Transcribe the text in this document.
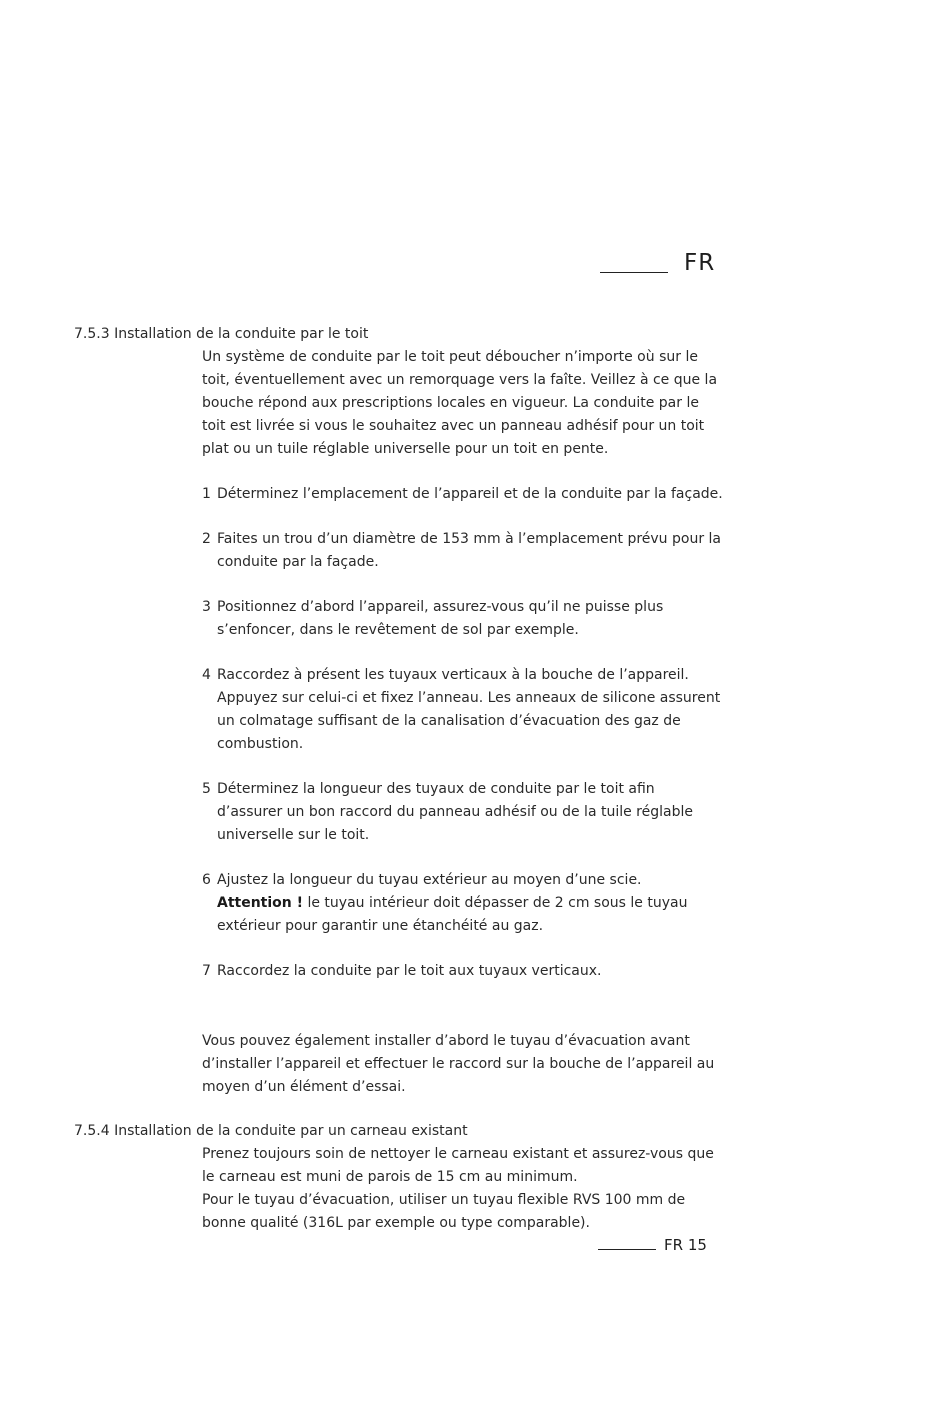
FR
7.5.3 Installation de la conduite par le toit

Un système de conduite par le toit peut déboucher n’importe où sur le toit, éventuellement avec un remorquage vers la faîte. Veillez à ce que la bouche répond aux prescriptions locales en vigueur. La conduite par le toit est livrée si vous le souhaitez avec un panneau adhésif pour un toit plat ou un tuile réglable universelle pour un toit en pente.

1 Déterminez l’emplacement de l’appareil et de la conduite par la façade.
2 Faites un trou d’un diamètre de 153 mm à l’emplacement prévu pour la conduite par la façade.
3 Positionnez d’abord l’appareil, assurez-vous qu’il ne puisse plus s’enfoncer, dans le revêtement de sol par exemple.
4 Raccordez à présent les tuyaux verticaux à la bouche de l’appareil. Appuyez sur celui-ci et fixez l’anneau. Les anneaux de silicone assurent un colmatage suffisant de la canalisation d’évacuation des gaz de combustion.
5 Déterminez la longueur des tuyaux de conduite par le toit afin d’assurer un bon raccord du panneau adhésif ou de la tuile réglable universelle sur le toit.
6 Ajustez la longueur du tuyau extérieur au moyen d’une scie.
Attention ! le tuyau intérieur doit dépasser de 2 cm sous le tuyau extérieur pour garantir une étanchéité au gaz.
7 Raccordez la conduite par le toit aux tuyaux verticaux.

Vous pouvez également installer d’abord le tuyau d’évacuation avant d’installer l’appareil et effectuer le raccord sur la bouche de l’appareil au moyen d’un élément d’essai.

7.5.4 Installation de la conduite par un carneau existant
Prenez toujours soin de nettoyer le carneau existant et assurez-vous que le carneau est muni de parois de 15 cm au minimum.
Pour le tuyau d’évacuation, utiliser un tuyau flexible RVS 100 mm de bonne qualité (316L par exemple ou type comparable).
FR 15
